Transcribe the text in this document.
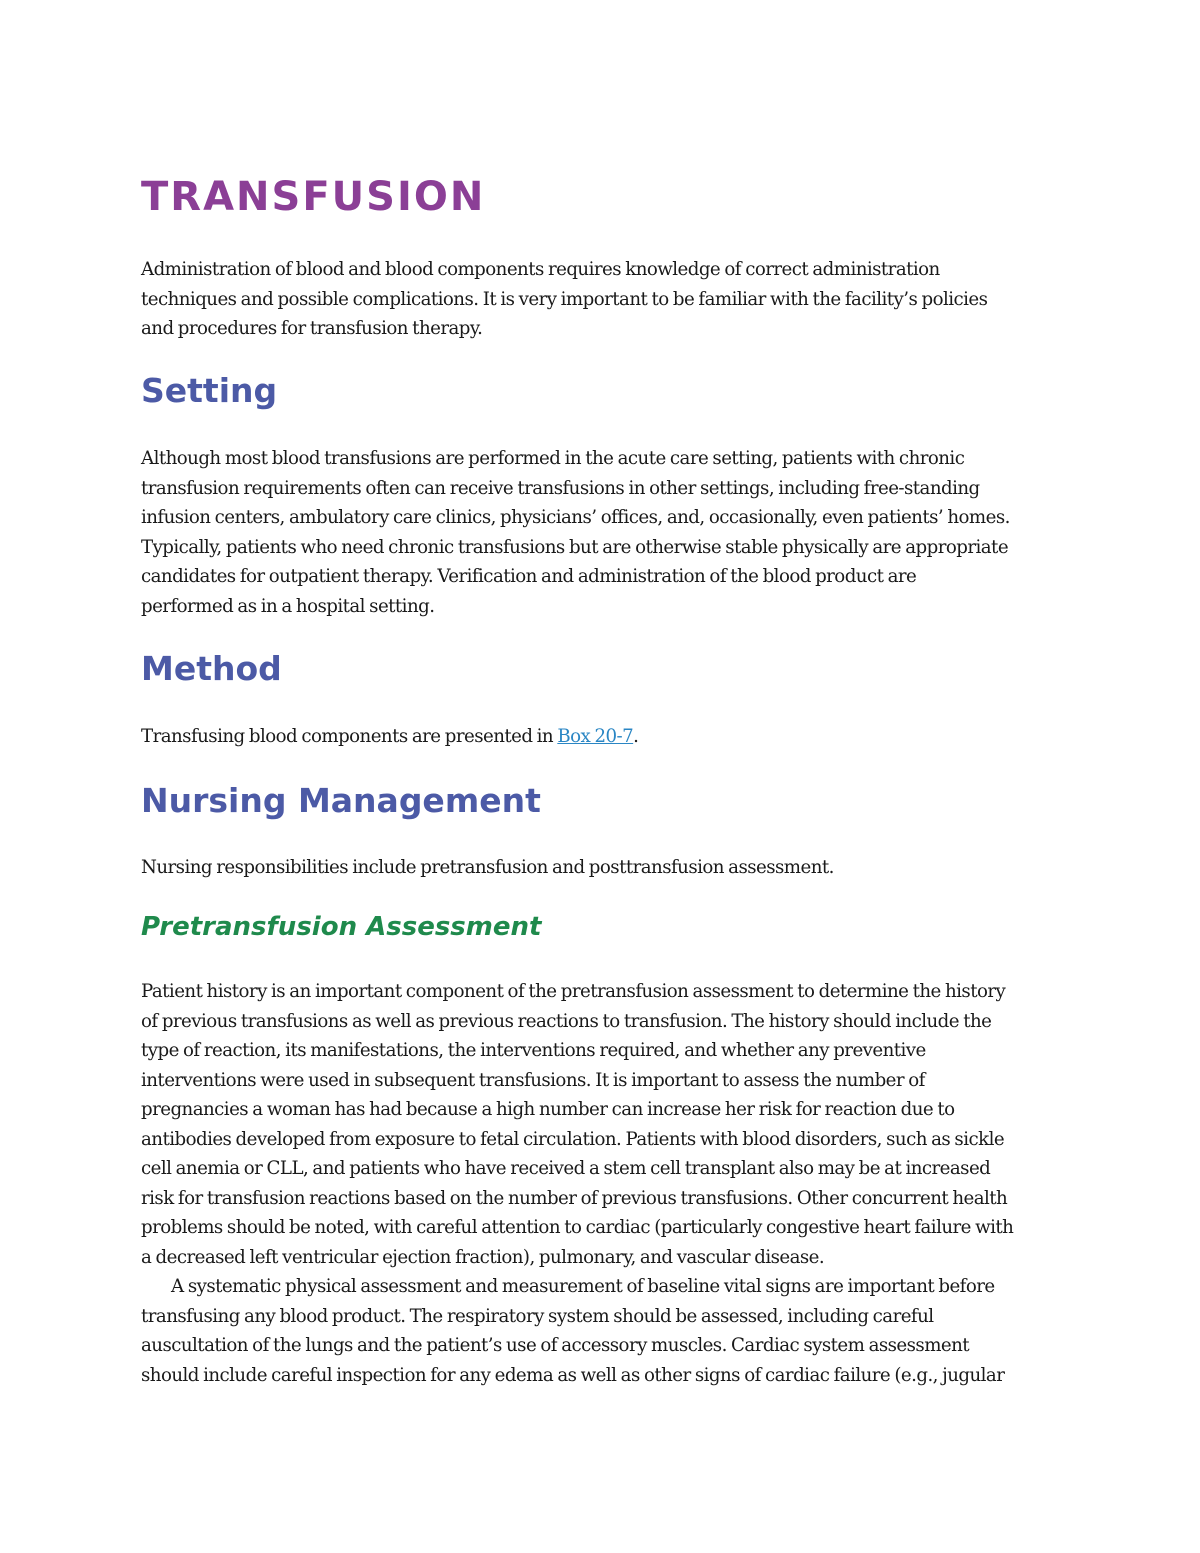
TRANSFUSION

Administration of blood and blood components requires knowledge of correct administration
techniques and possible complications. It is very important to be familiar with the facility’s policies
and procedures for transfusion therapy.

Setting

Although most blood transfusions are performed in the acute care setting, patients with chronic
transfusion requirements often can receive transfusions in other settings, including free-standing
infusion centers, ambulatory care clinics, physicians’ offices, and, occasionally, even patients’ homes.
Typically, patients who need chronic transfusions but are otherwise stable physically are appropriate
candidates for outpatient therapy. Verification and administration of the blood product are
performed as in a hospital setting.

Method

Transfusing blood components are presented in Box 20-7.

Nursing Management

Nursing responsibilities include pretransfusion and posttransfusion assessment.

Pretransfusion Assessment

Patient history is an important component of the pretransfusion assessment to determine the history
of previous transfusions as well as previous reactions to transfusion. The history should include the
type of reaction, its manifestations, the interventions required, and whether any preventive
interventions were used in subsequent transfusions. It is important to assess the number of
pregnancies a woman has had because a high number can increase her risk for reaction due to
antibodies developed from exposure to fetal circulation. Patients with blood disorders, such as sickle
cell anemia or CLL, and patients who have received a stem cell transplant also may be at increased
risk for transfusion reactions based on the number of previous transfusions. Other concurrent health
problems should be noted, with careful attention to cardiac (particularly congestive heart failure with
a decreased left ventricular ejection fraction), pulmonary, and vascular disease.

A systematic physical assessment and measurement of baseline vital signs are important before
transfusing any blood product. The respiratory system should be assessed, including careful
auscultation of the lungs and the patient’s use of accessory muscles. Cardiac system assessment
should include careful inspection for any edema as well as other signs of cardiac failure (e.g., jugular
